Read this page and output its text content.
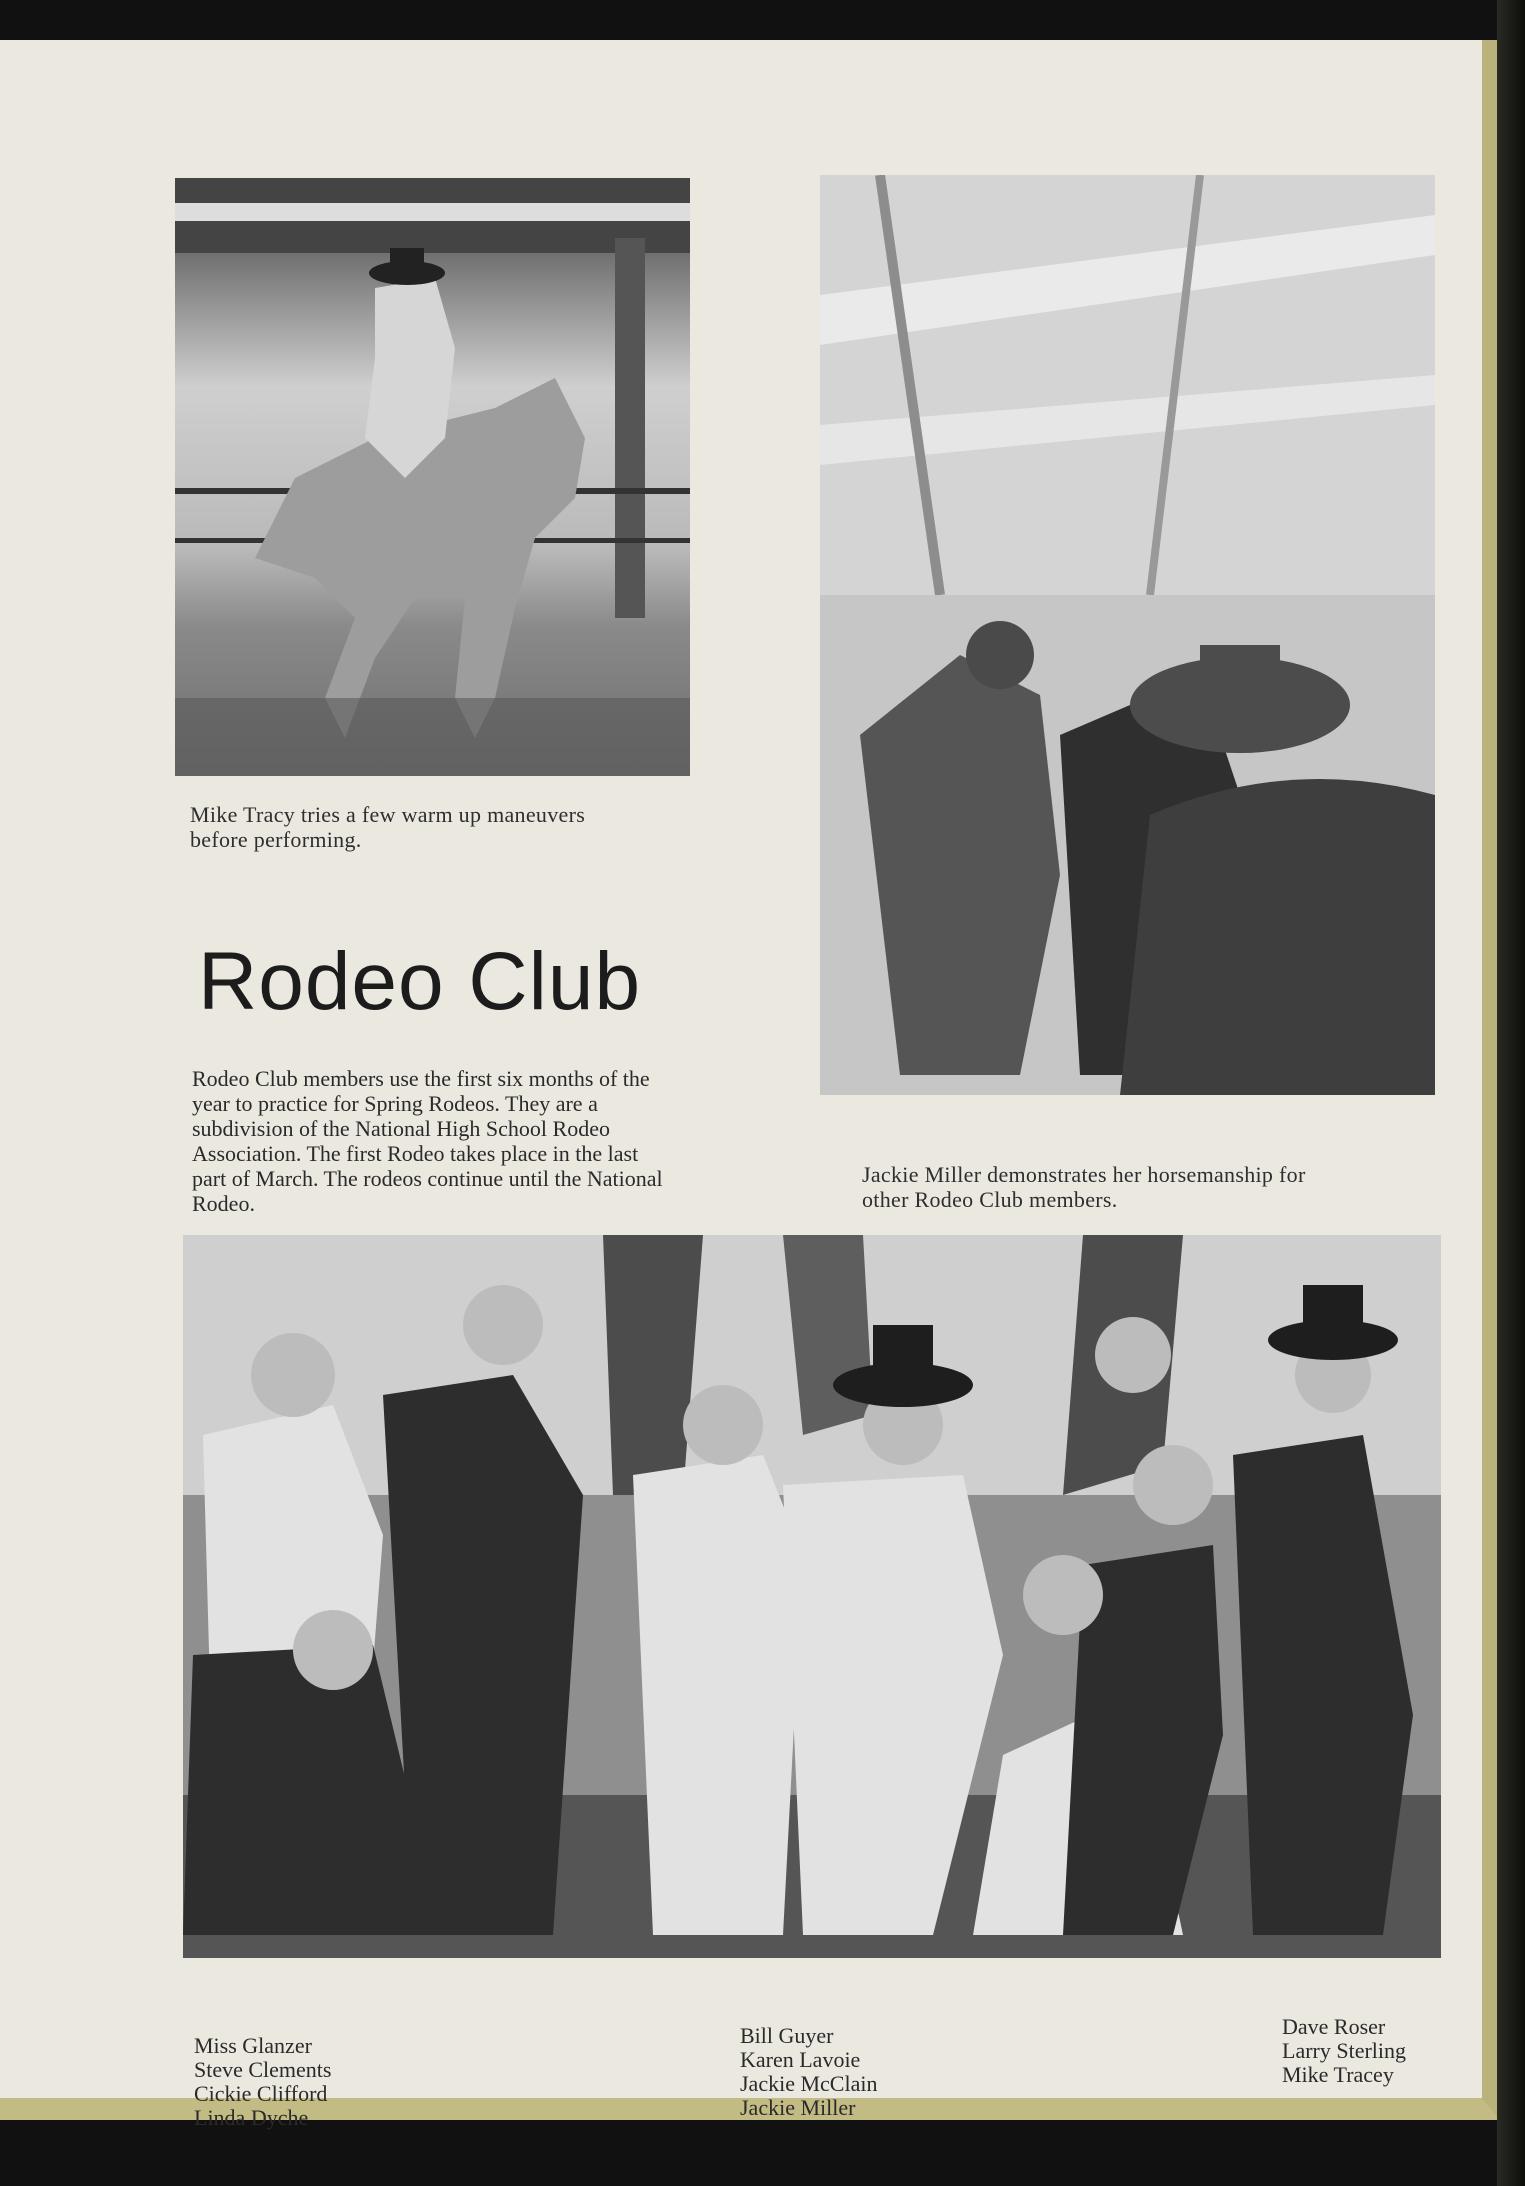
Mike Tracy tries a few warm up maneuvers
before performing.
Rodeo Club

Rodeo Club members use the first six months of the year to practice for Spring Rodeos. They are a subdivision of the National High School Rodeo Association. The first Rodeo takes place in the last part of March. The rodeos continue until the National Rodeo.

Jackie Miller demonstrates her horsemanship for
other Rodeo Club members.
Miss Glanzer
Steve Clements
Cickie Clifford
Linda Dyche
Bill Guyer
Karen Lavoie
Jackie McClain
Jackie Miller
Dave Roser
Larry Sterling
Mike Tracey
